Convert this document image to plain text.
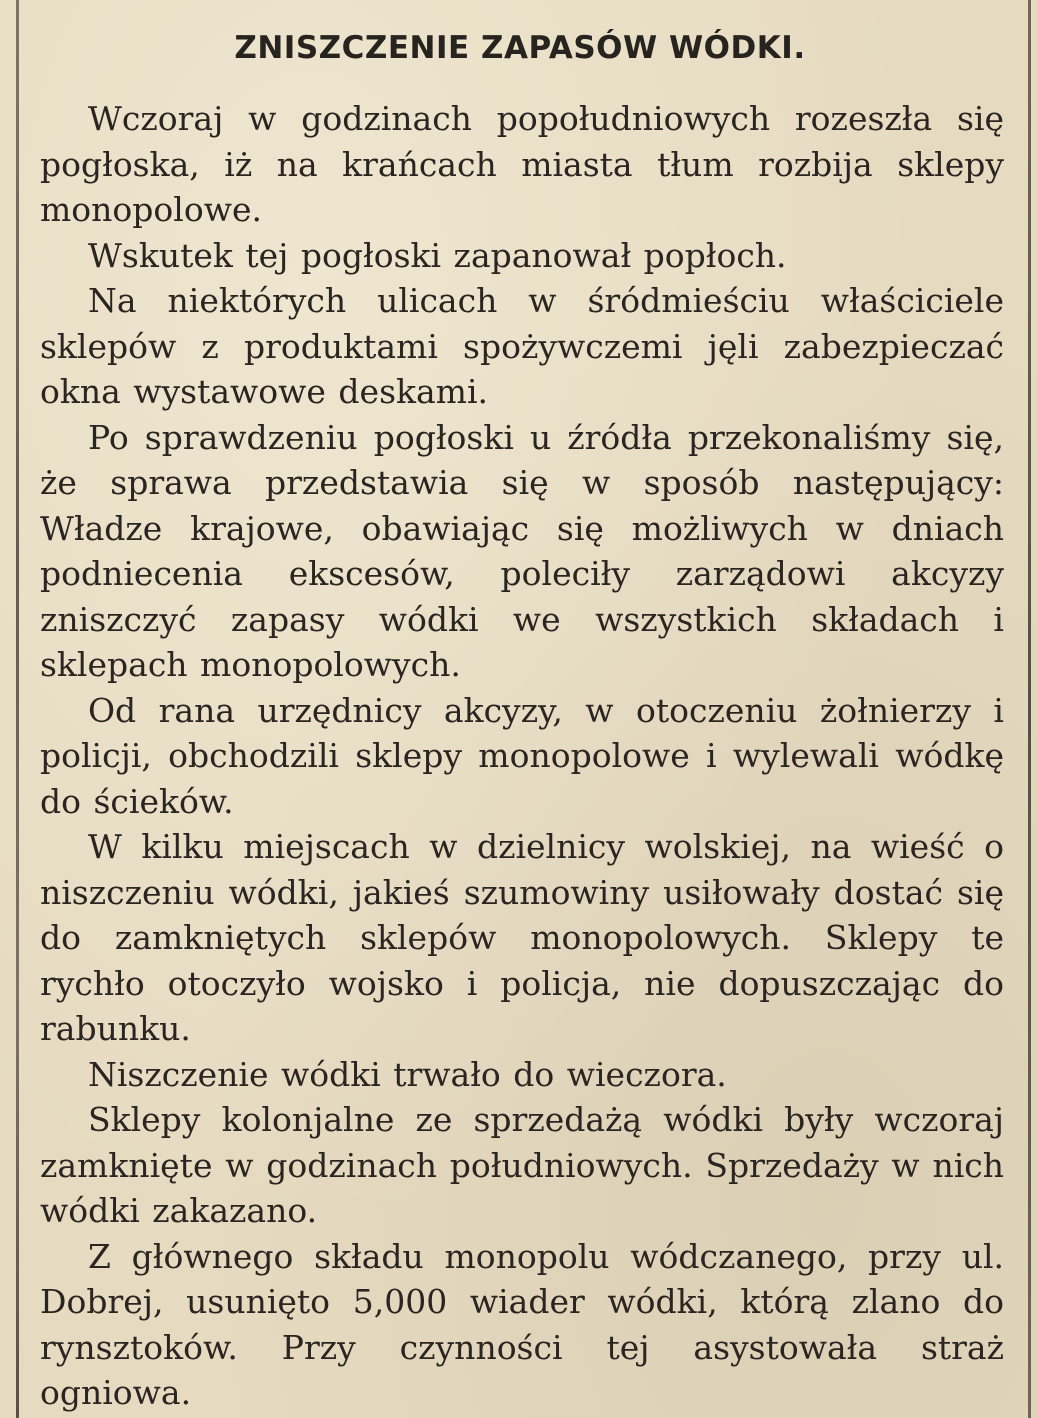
ZNISZCZENIE ZAPASÓW WÓDKI.

Wczoraj w godzinach popołudniowych rozeszła się pogłoska, iż na krańcach miasta tłum rozbija sklepy monopolowe.

Wskutek tej pogłoski zapanował popłoch.

Na niektórych ulicach w śródmieściu właściciele sklepów z produktami spożywczemi jęli zabezpieczać okna wystawowe deskami.

Po sprawdzeniu pogłoski u źródła przekonaliśmy się, że sprawa przedstawia się w sposób następujący: Władze krajowe, obawiając się możliwych w dniach podniecenia ekscesów, poleciły zarządowi akcyzy zniszczyć zapasy wódki we wszystkich składach i sklepach monopolowych.

Od rana urzędnicy akcyzy, w otoczeniu żołnierzy i policji, obchodzili sklepy monopolowe i wylewali wódkę do ścieków.

W kilku miejscach w dzielnicy wolskiej, na wieść o niszczeniu wódki, jakieś szumowiny usiłowały dostać się do zamkniętych sklepów monopolowych. Sklepy te rychło otoczyło wojsko i policja, nie dopuszczając do rabunku.

Niszczenie wódki trwało do wieczora.

Sklepy kolonjalne ze sprzedażą wódki były wczoraj zamknięte w godzinach południowych. Sprzedaży w nich wódki zakazano.

Z głównego składu monopolu wódczanego, przy ul. Dobrej, usunięto 5,000 wiader wódki, którą zlano do rynsztoków. Przy czynności tej asystowała straż ogniowa.
